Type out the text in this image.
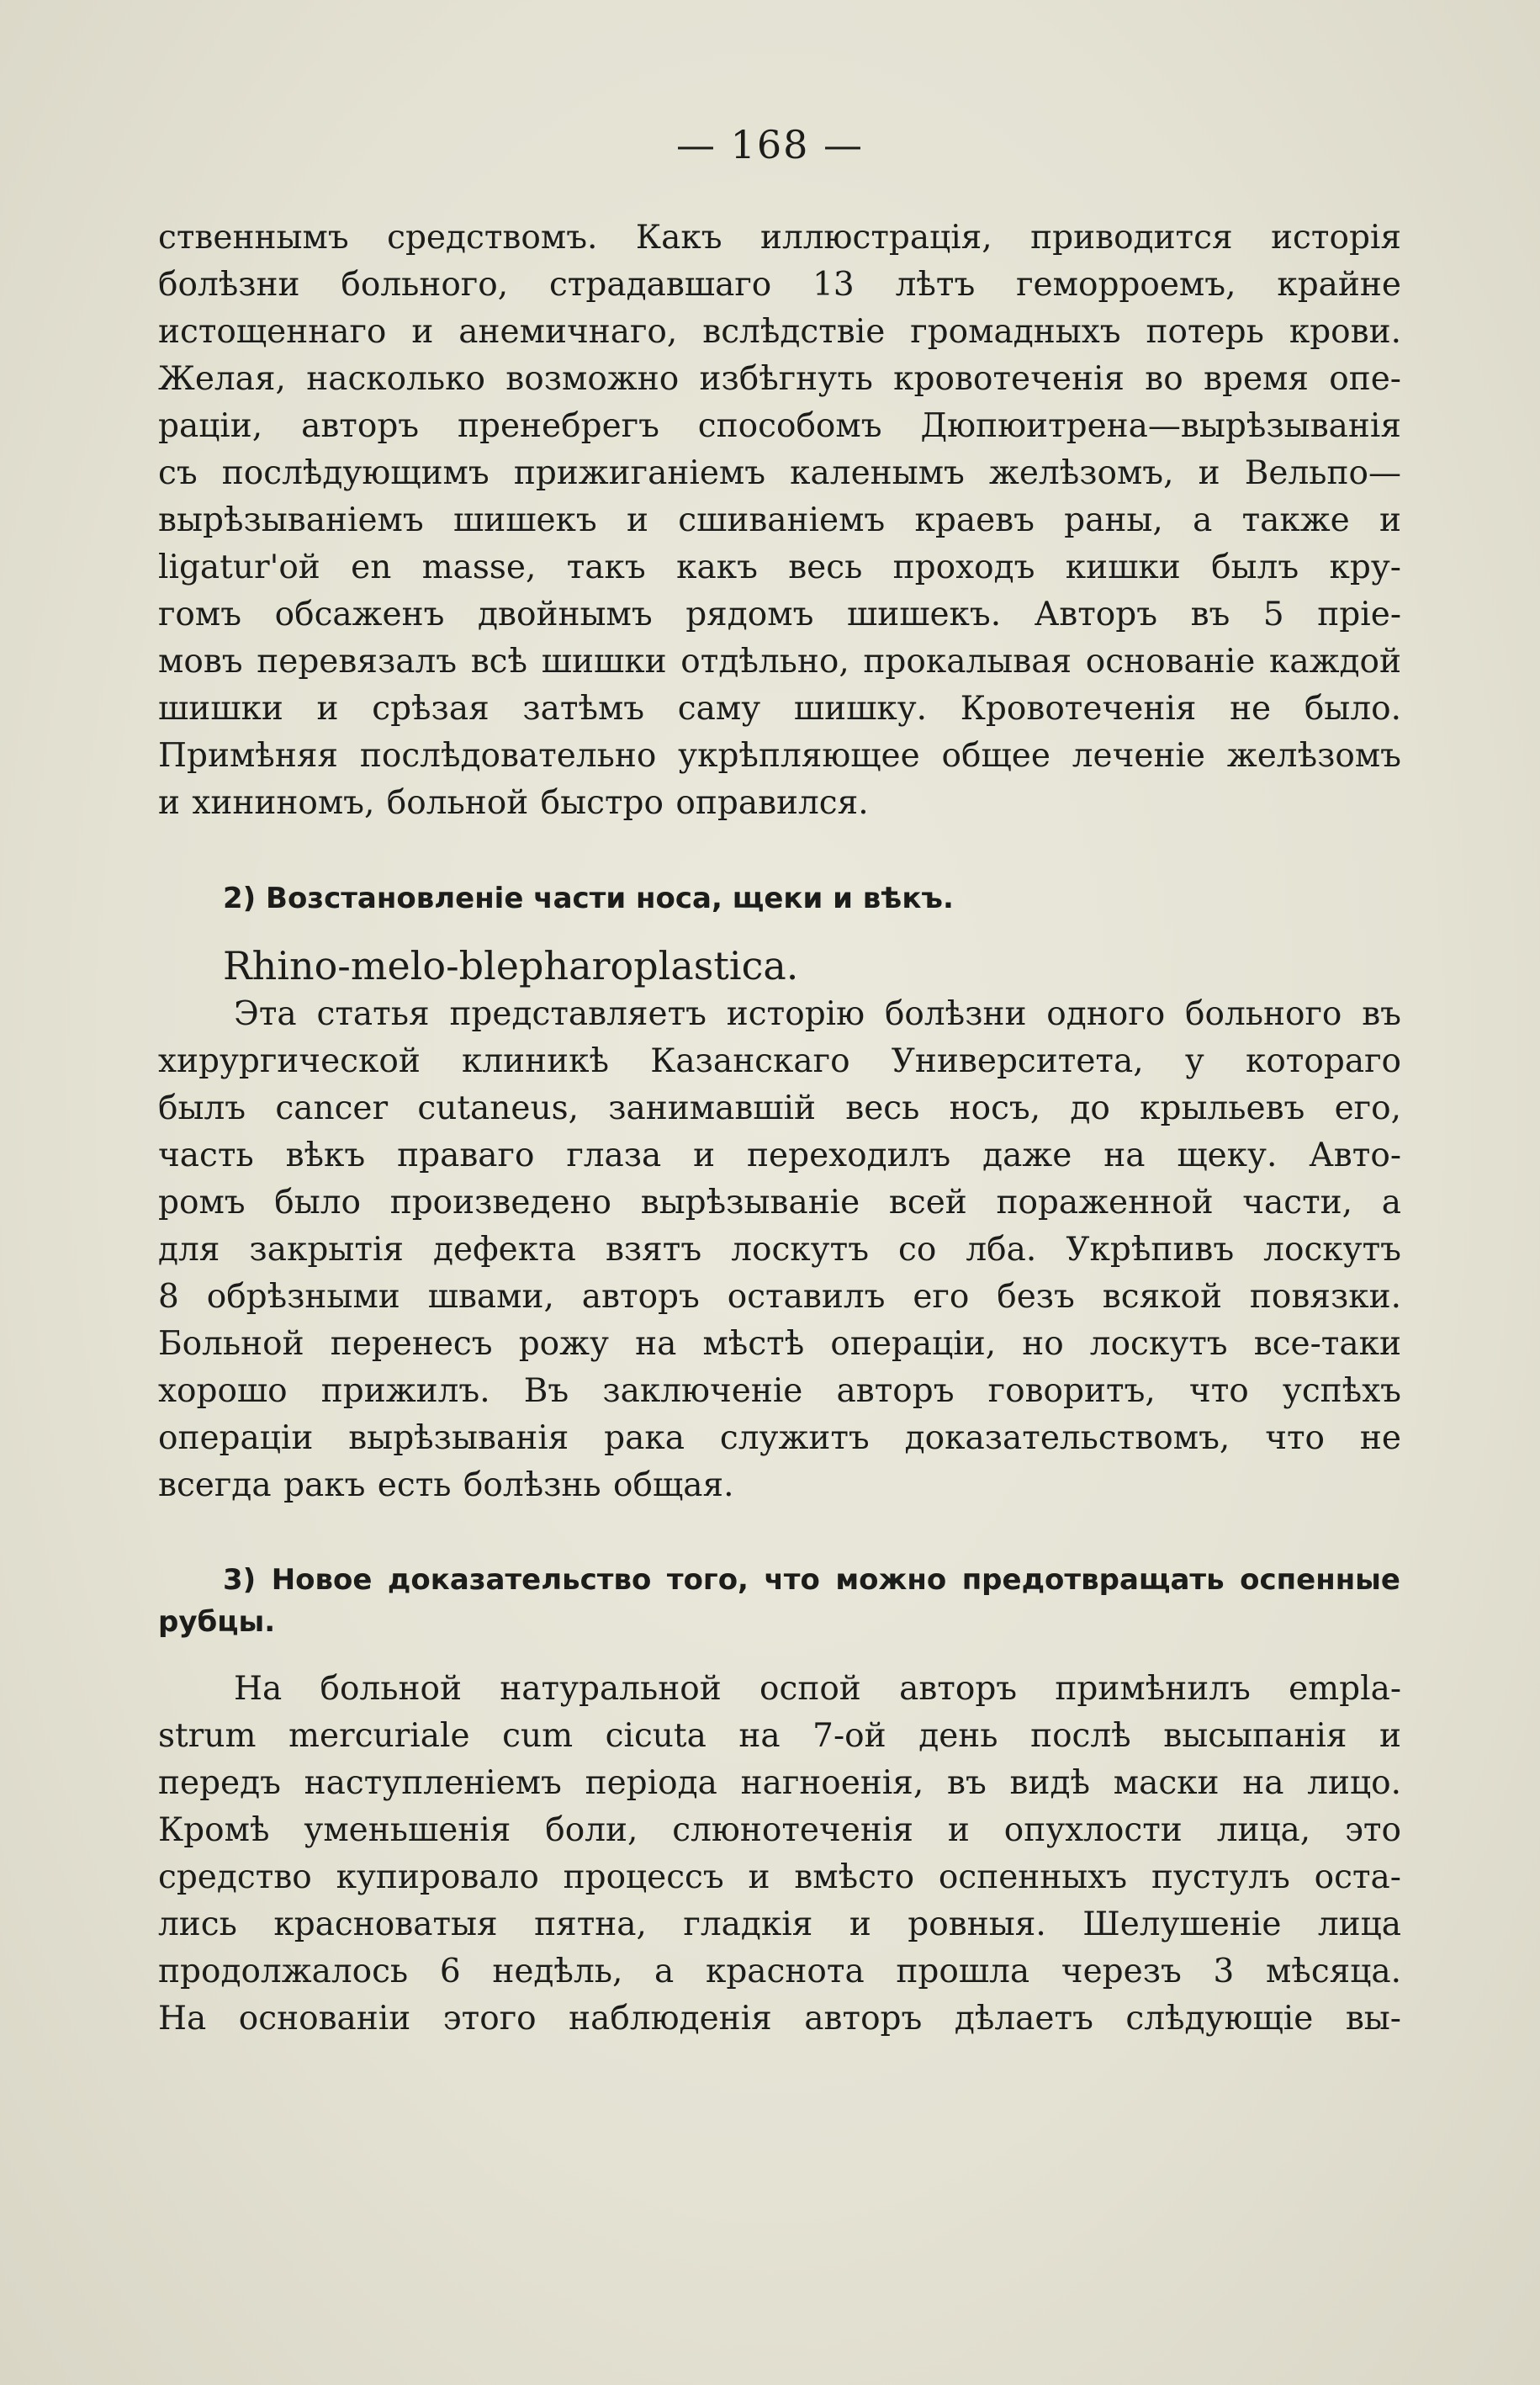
— 168 —

ственнымъ средствомъ. Какъ иллюстрація, приводится исторія
болѣзни больного, страдавшаго 13 лѣтъ геморроемъ, крайне
истощеннаго и анемичнаго, вслѣдствіе громадныхъ потерь крови.
Желая, насколько возможно избѣгнуть кровотеченія во время опе-
раціи, авторъ пренебрегъ способомъ Дюпюитрена—вырѣзыванія
съ послѣдующимъ прижиганіемъ каленымъ желѣзомъ, и Вельпо—
вырѣзываніемъ шишекъ и сшиваніемъ краевъ раны, а также и
ligatur'oй en masse, такъ какъ весь проходъ кишки былъ кру-
гомъ обсаженъ двойнымъ рядомъ шишекъ. Авторъ въ 5 пріе-
мовъ перевязалъ всѣ шишки отдѣльно, прокалывая основаніе каждой
шишки и срѣзая затѣмъ саму шишку. Кровотеченія не было.
Примѣняя послѣдовательно укрѣпляющее общее леченіе желѣзомъ
и хининомъ, больной быстро оправился.

2) Возстановленіе части носа, щеки и вѣкъ.

Rhino-melo-blepharoplastica.

Эта статья представляетъ исторію болѣзни одного больного въ
хирургической клиникѣ Казанскаго Университета, у котораго
былъ cancer cutaneus, занимавшій весь носъ, до крыльевъ его,
часть вѣкъ праваго глаза и переходилъ даже на щеку. Авто-
ромъ было произведено вырѣзываніе всей пораженной части, а
для закрытія дефекта взятъ лоскутъ со лба. Укрѣпивъ лоскутъ
8 обрѣзными швами, авторъ оставилъ его безъ всякой повязки.
Больной перенесъ рожу на мѣстѣ операціи, но лоскутъ все-таки
хорошо прижилъ. Въ заключеніе авторъ говоритъ, что успѣхъ
операціи вырѣзыванія рака служитъ доказательствомъ, что не
всегда ракъ есть болѣзнь общая.

3) Новое доказательство того, что можно предотвращать оспенные
рубцы.

На больной натуральной оспой авторъ примѣнилъ empla-
strum mercuriale cum cicuta на 7-ой день послѣ высыпанія и
передъ наступленіемъ періода нагноенія, въ видѣ маски на лицо.
Кромѣ уменьшенія боли, слюнотеченія и опухлости лица, это
средство купировало процессъ и вмѣсто оспенныхъ пустулъ оста-
лись красноватыя пятна, гладкія и ровныя. Шелушеніе лица
продолжалось 6 недѣль, а краснота прошла черезъ 3 мѣсяца.
На основаніи этого наблюденія авторъ дѣлаетъ слѣдующіе вы-
